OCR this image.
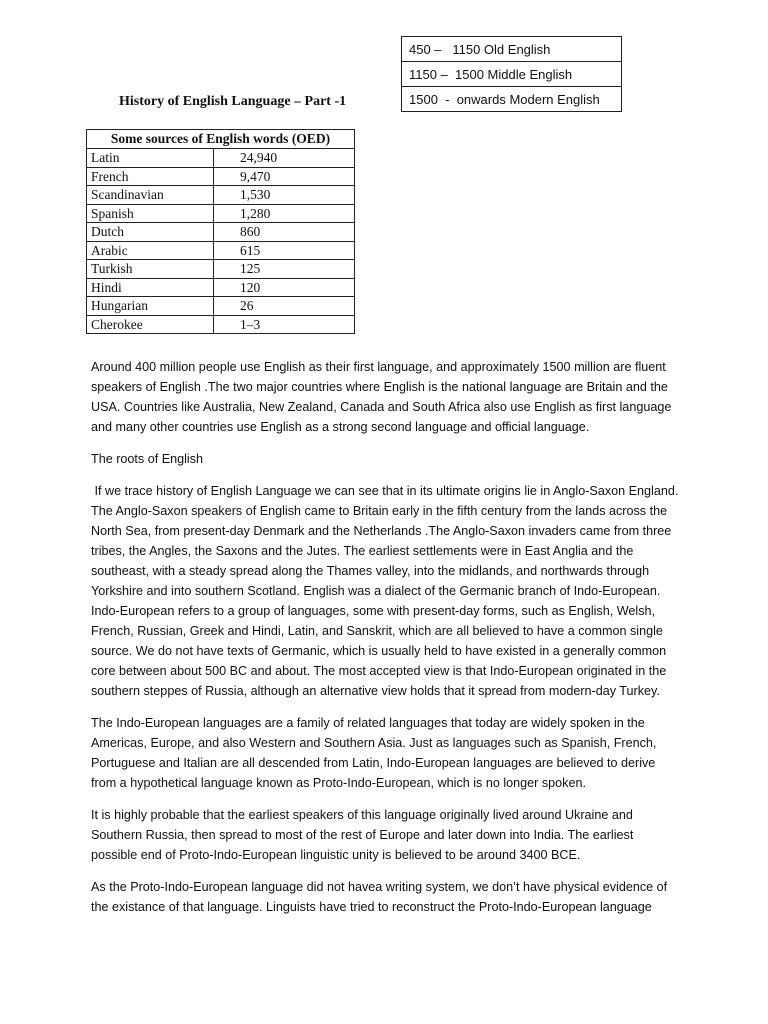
450 –   1150 Old English
1150 –  1500 Middle English
1500  -  onwards Modern English
History of English Language – Part -1
Some sources of English words (OED)	
Latin	24,940
French	9,470
Scandinavian	1,530
Spanish	1,280
Dutch	860
Arabic	615
Turkish	125
Hindi	120
Hungarian	26
Cherokee	1–3

Around 400 million people use English as their first language, and approximately 1500 million are fluent speakers of English .The two major countries where English is the national language are Britain and the USA. Countries like Australia, New Zealand, Canada and South Africa also use English as first language and many other countries use English as a strong second language and official language.

The roots of English

If we trace history of English Language we can see that in its ultimate origins lie in Anglo-Saxon England. The Anglo-Saxon speakers of English came to Britain early in the fifth century from the lands across the North Sea, from present-day Denmark and the Netherlands .The Anglo-Saxon invaders came from three tribes, the Angles, the Saxons and the Jutes. The earliest settlements were in East Anglia and the southeast, with a steady spread along the Thames valley, into the midlands, and northwards through Yorkshire and into southern Scotland. English was a dialect of the Germanic branch of Indo-European. Indo-European refers to a group of languages, some with present-day forms, such as English, Welsh, French, Russian, Greek and Hindi, Latin, and Sanskrit, which are all believed to have a common single source. We do not have texts of Germanic, which is usually held to have existed in a generally common core between about 500 BC and about. The most accepted view is that Indo-European originated in the southern steppes of Russia, although an alternative view holds that it spread from modern-day Turkey.

The Indo-European languages are a family of related languages that today are widely spoken in the Americas, Europe, and also Western and Southern Asia. Just as languages such as Spanish, French, Portuguese and Italian are all descended from Latin, Indo-European languages are believed to derive from a hypothetical language known as Proto-Indo-European, which is no longer spoken.

It is highly probable that the earliest speakers of this language originally lived around Ukraine and Southern Russia, then spread to most of the rest of Europe and later down into India. The earliest possible end of Proto-Indo-European linguistic unity is believed to be around 3400 BCE.

As the Proto-Indo-European language did not havea writing system, we don’t have physical evidence of the existance of that language. Linguists have tried to reconstruct the Proto-Indo-European language
